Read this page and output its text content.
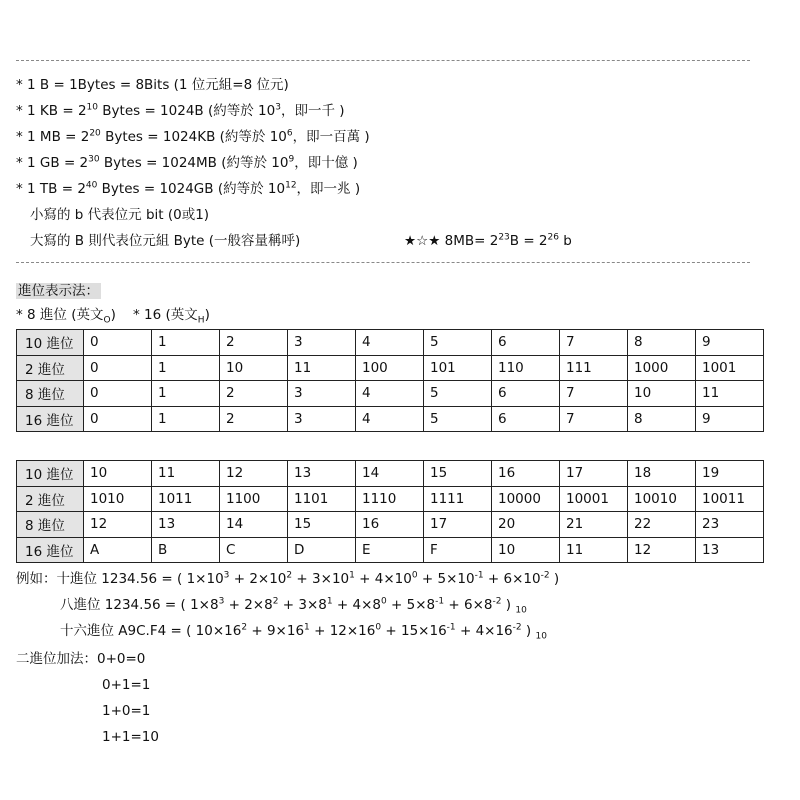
* 1 B = 1Bytes = 8Bits (1 位元組=8 位元)
* 1 KB = $2^{10}$ Bytes = 1024B (約等於 $10^3$，即一千 )
* 1 MB = $2^{20}$ Bytes = 1024KB (約等於 $10^6$，即一百萬 )
* 1 GB = $2^{30}$ Bytes = 1024MB (約等於 $10^9$，即十億 )
* 1 TB = $2^{40}$ Bytes = 1024GB (約等於 $10^{12}$，即一兆 )
小寫的 b 代表位元 bit (0或1)
大寫的 B 則代表位元組 Byte (一般容量稱呼)	★☆★ $8MB= 2^{23}B = 2^{26}$ b
進位表示法：
* 8 進位 (英文$_O$)    * 16 (英文$_H$)
10 進位	0	1	2	3	4	5	6	7	8	9
2 進位	0	1	10	11	100	101	110	111	1000	1001
8 進位	0	1	2	3	4	5	6	7	10	11
16 進位	0	1	2	3	4	5	6	7	8	9
10 進位	10	11	12	13	14	15	16	17	18	19
2 進位	1010	1011	1100	1101	1110	1111	10000	10001	10010	10011
8 進位	12	13	14	15	16	17	20	21	22	23
16 進位	A	B	C	D	E	F	10	11	12	13
例如：十進位 1234.56 = ( $1\times 10^3 + 2\times 10^2 + 3\times 10^1 + 4\times 10^0 + 5\times 10^{-1} + 6\times 10^{-2}$ )
八進位 1234.56 = ( $1\times 8^3 + 2\times 8^2 + 3\times 8^1 + 4\times 8^0 + 5\times 8^{-1} + 6\times 8^{-2}$ ) $_{10}$
十六進位 A9C.F4 = ( $10\times 16^2 + 9\times 16^1 + 12\times 16^0 + 15\times 16^{-1} + 4\times 16^{-2}$ ) $_{10}$
二進位加法：0+0=0
0+1=1
1+0=1
1+1=10
